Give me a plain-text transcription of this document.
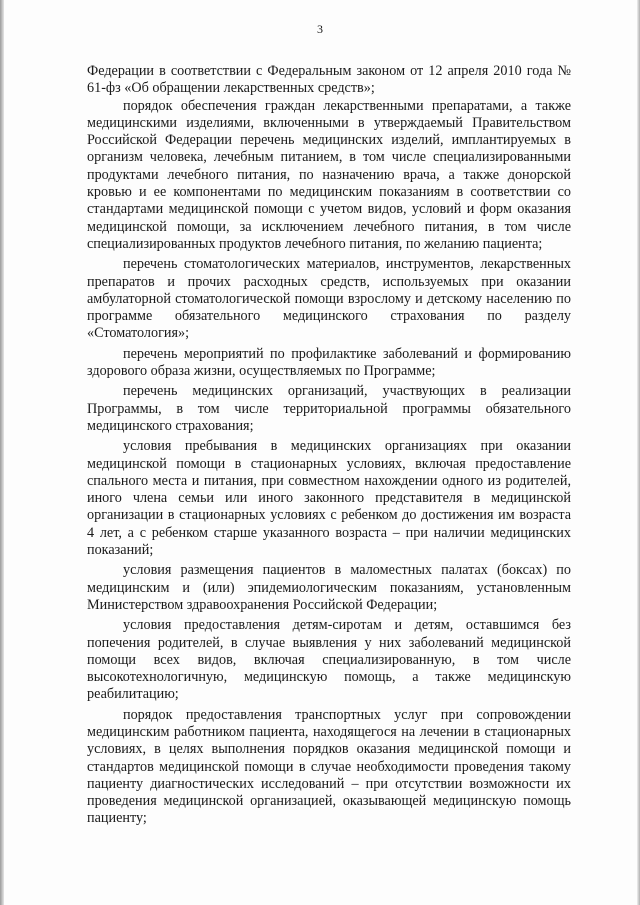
3

Федерации в соответствии с Федеральным законом от 12 апреля 2010 года № 61-фз «Об обращении лекарственных средств»;

порядок обеспечения граждан лекарственными препаратами, а также медицинскими изделиями, включенными в утверждаемый Правительством Российской Федерации перечень медицинских изделий, имплантируемых в организм человека, лечебным питанием, в том числе специализированными продуктами лечебного питания, по назначению врача, а также донорской кровью и ее компонентами по медицинским показаниям в соответствии со стандартами медицинской помощи с учетом видов, условий и форм оказания медицинской помощи, за исключением лечебного питания, в том числе специализированных продуктов лечебного питания, по желанию пациента;

перечень стоматологических материалов, инструментов, лекарственных препаратов и прочих расходных средств, используемых при оказании амбулаторной стоматологической помощи взрослому и детскому населению по программе обязательного медицинского страхования по разделу «Стоматология»;

перечень мероприятий по профилактике заболеваний и формированию здорового образа жизни, осуществляемых по Программе;

перечень медицинских организаций, участвующих в реализации Программы, в том числе территориальной программы обязательного медицинского страхования;

условия пребывания в медицинских организациях при оказании медицинской помощи в стационарных условиях, включая предоставление спального места и питания, при совместном нахождении одного из родителей, иного члена семьи или иного законного представителя в медицинской организации в стационарных условиях с ребенком до достижения им возраста 4 лет, а с ребенком старше указанного возраста – при наличии медицинских показаний;

условия размещения пациентов в маломестных палатах (боксах) по медицинским и (или) эпидемиологическим показаниям, установленным Министерством здравоохранения Российской Федерации;

условия предоставления детям-сиротам и детям, оставшимся без попечения родителей, в случае выявления у них заболеваний медицинской помощи всех видов, включая специализированную, в том числе высокотехнологичную, медицинскую помощь, а также медицинскую реабилитацию;

порядок предоставления транспортных услуг при сопровождении медицинским работником пациента, находящегося на лечении в стационарных условиях, в целях выполнения порядков оказания медицинской помощи и стандартов медицинской помощи в случае необходимости проведения такому пациенту диагностических исследований – при отсутствии возможности их проведения медицинской организацией, оказывающей медицинскую помощь пациенту;
